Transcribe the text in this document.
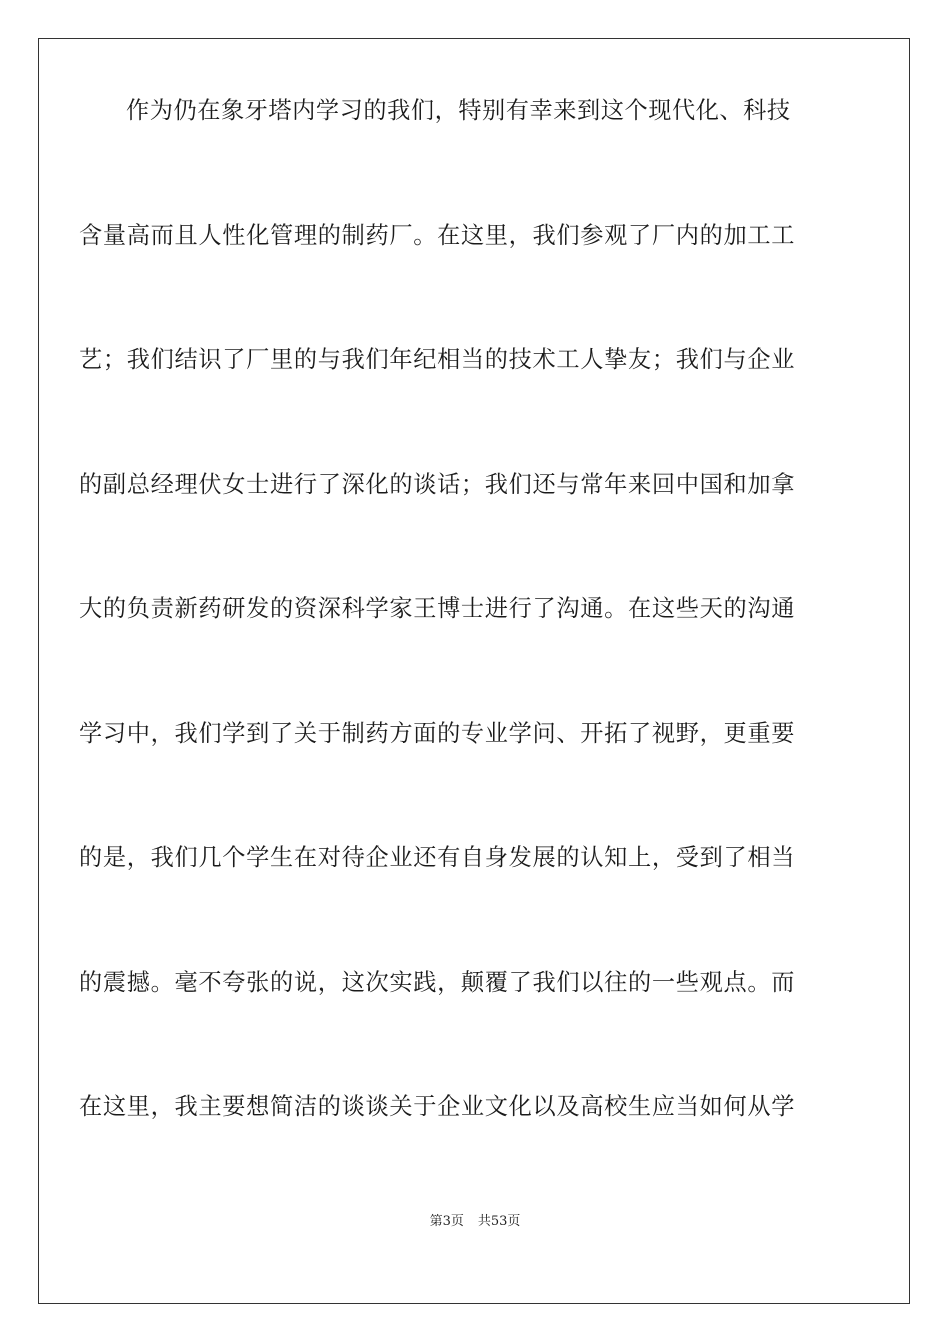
作为仍在象牙塔内学习的我们，特别有幸来到这个现代化、科技
含量高而且人性化管理的制药厂。在这里，我们参观了厂内的加工工
艺；我们结识了厂里的与我们年纪相当的技术工人挚友；我们与企业
的副总经理伏女士进行了深化的谈话；我们还与常年来回中国和加拿
大的负责新药研发的资深科学家王博士进行了沟通。在这些天的沟通
学习中，我们学到了关于制药方面的专业学问、开拓了视野，更重要
的是，我们几个学生在对待企业还有自身发展的认知上，受到了相当
的震撼。毫不夸张的说，这次实践，颠覆了我们以往的一些观点。而
在这里，我主要想简洁的谈谈关于企业文化以及高校生应当如何从学
第3页 共53页
